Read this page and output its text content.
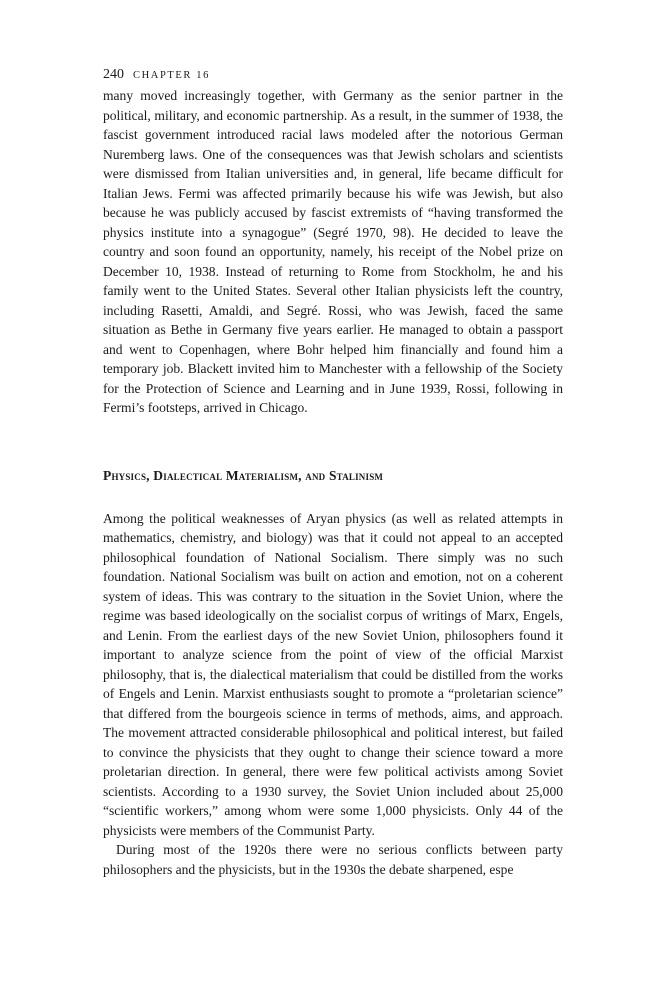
240 CHAPTER 16

many moved increasingly together, with Germany as the senior partner in the political, military, and economic partnership. As a result, in the summer of 1938, the fascist government introduced racial laws modeled after the notorious German Nuremberg laws. One of the consequences was that Jewish scholars and scientists were dismissed from Italian universities and, in general, life became difficult for Italian Jews. Fermi was affected primarily because his wife was Jewish, but also because he was publicly accused by fascist extremists of “having transformed the physics institute into a synagogue” (Segré 1970, 98). He decided to leave the country and soon found an opportunity, namely, his receipt of the Nobel prize on December 10, 1938. Instead of returning to Rome from Stockholm, he and his family went to the United States. Several other Italian physicists left the country, including Rasetti, Amaldi, and Segré. Rossi, who was Jewish, faced the same situation as Bethe in Germany five years earlier. He managed to obtain a passport and went to Copenhagen, where Bohr helped him financially and found him a temporary job. Blackett invited him to Manchester with a fellowship of the Society for the Protection of Science and Learning and in June 1939, Rossi, following in Fermi’s footsteps, arrived in Chicago.

Physics, Dialectical Materialism, and Stalinism

Among the political weaknesses of Aryan physics (as well as related attempts in mathematics, chemistry, and biology) was that it could not appeal to an accepted philosophical foundation of National Socialism. There simply was no such foundation. National Socialism was built on action and emotion, not on a coherent system of ideas. This was contrary to the situation in the Soviet Union, where the regime was based ideologically on the socialist corpus of writings of Marx, Engels, and Lenin. From the earliest days of the new Soviet Union, philosophers found it important to analyze science from the point of view of the official Marxist philosophy, that is, the dialectical materialism that could be distilled from the works of Engels and Lenin. Marxist enthusiasts sought to promote a “proletarian science” that differed from the bourgeois science in terms of methods, aims, and approach. The movement attracted considerable philosophical and political interest, but failed to convince the physicists that they ought to change their science toward a more proletarian direction. In general, there were few political activists among Soviet scientists. According to a 1930 survey, the Soviet Union included about 25,000 “scientific workers,” among whom were some 1,000 physicists. Only 44 of the physicists were members of the Communist Party.

During most of the 1920s there were no serious conflicts between party philosophers and the physicists, but in the 1930s the debate sharpened, espe
